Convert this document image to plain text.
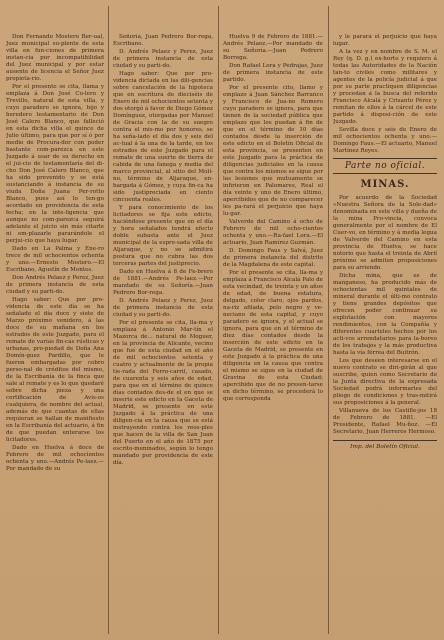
Don Fernando Mostero Ber-ual, Juez municipal su-plente de esta villa en fun-ciones de primera instan-cia por incompatibilidad del Juez municipal y por estar ausente de licencia el Señor Juez propieta-rio.

Por el presente se cita, llama y emplaza á Don José Co-lero y Trevillo, natural de esta villa, y cuyo paradero se ignora, hijo y heredero testamentario de Don José Calero Blanco, que falleció en esta dicha villa el quince de Julio último, para que por sí ó por medio de Procura-dor con poder bastante com-parezca en este Juzgado á usar de su derecho en el jui-cio de testamentaría del di-cho Don José Calero Blanco, que ha sido prevenido y se está sustanciando á instancia de su viuda Doña Juana Per-rotto Blanco, pues así lo ten-go acordado en providencia de esta fecha; en la inte-ligencia que aunque no com-parezca seguirá adelante el juicio sin más citarle ni em-plazarle pararándole el perjui-cio que haya lugar.

Dado en La Palma y Ene-ro trece de mil ochocientos ochenta y uno.—Ernesto Mostero.—El Escribano, Agustín de Montes.

Don Andrés Pelaez y Perez, Juez de primera instancia de esta ciudad y su parti-do.

Hago saber: Que por pro-videncia de este día se ha señalado el día doce y siete de Marzo próximo venidero, á las doce de su mañana en los estrados de este Juzgado, para el remate de varias fin-cas rústicas y urbanas, pro-piedad de Doña Ana Domín-guez Pardillo, que le fueron embargadas por cobro perso-nal de créditos del mismo, de la Escribanía de la finca que sale al remate y es lo que quedaré sobre dicha pieza y una certificación de Avis-os cualquiera, de nombre del actual, además de que cuantas de ellas requieran se hallan de manifiesto en la Escribanía del actuario, á fin de que puedan enterarse los licitadores.

Dado en Huelva á doce de Febrero de mil ochocientos ochenta y uno.—Andrés Pe-laez.—Por mandado de su

Señoría, Juan Pedrero Bor-rega, Escribano.

D. Andrés Pelaez y Perez, Juez de primera instancia de esta ciudad y su parti-do.

Hago saber: Que por pro-videncia dictada en las dili-gencias sobre cancelación de la hipoteca que en escritura de dieciséis de Enero de mil ochocientos setenta y dos otorgó á favor de Diego Gómez Domínguez, otorgadas por Manuel de Gracia con la de su suegro contra el mis-mo por honores, se ha seña-lado el día dos y seis del ac-tual á la una de la tarde, en los estrados de este Juzgado para el remate de una suerte de tierra de cabida de una fanega y media del marco provincial, al sitio del Molí-no, término de Aljaraque, en-bargada á Gómez, y cuya fin-ca ha sido justipreciada en ciento cincuenta reales.

Y para conocimiento de los licitadores se fija este edicto, haciéndose presente que en el día y hora señalados tendrá efecto doble subasta ante el Juez municipal de la espre-sada villa de Aljaraque, y no se admitirá postura que no cubra las dos terceras partes del justiprecio.

Dado en Huelva á 8 de Fe-brero de 1881.—Andrés Pe-laez.—Por mandado de su Señoría.—Juan Pedrero Bor-rega.

D. Andrés Pelaez y Perez, Juez de primera instancia de esta ciudad y su parti-do.

Por el presente se cita, lla-ma y emplaza á Antonio Mar-tín el Mazorca de... natural de Moguer, en la provincia de Alicante, vecino que fué de esta ciudad en el año de mil ochocientos setenta y cuatro y actualmente de la propia tie-rada del Ferro-carril, casado, de cuarenta y seis años de edad, para que en el término de quince días contados des-de el en que se inserte este edicto en la Gaceta de Madrid, se presente en este Juzgado á la práctica de una diligen-cia en la causa que se está instruyendo contra los reos-ples que hacen de la villa de San Juan del Puerto en el año de 1875 por escrito-meninados, según lo tengo mandado por providencia de este día.

Huelva 9 de Febrero de 1881.—Andrés Pelaez.—Por mandado de su Señoría.—Juan Pedrero Borrega.

Don Rafael Lora y Pedrajas, Juez de primera instancia de este partido.

Por el presente cito, llamo y emplazo á Juan Sánchez Barranco y Francisco de Jua-no Romero cuyo paradero se ignora, para que tienen de la sociedad pública que emplazo que los puedan á fin de que en el término de 10 días contados desde la inserción de este edicto en el Boletín Oficial de esta provincia, se presenten en este Juzgado para la práctica de diligencias judiciales en la causa que contra los mismos se sigue por las lesiones que mutuamente se infirieron en Palomares, Real el día veinte y uno de Enero último, apercibidos que de no comparecer les pa-rará el perjuicio que haya lu-gar.

Valverde del Camino á ocho de Febrero de mil ocho-cientos ochenta y uno.—Ra-fael Lora.—El actuario, Juan Ramírez Guzmán.

D. Domingo Faus y Salvá, Juez de primera instancia del distrito de la Magdalena de este capital.

Por el presente se cita, lla-ma y emplaza á Francisco Alcalá Palo de esta vecindad, de treinta y un años de edad, de buena estatura, delgado, color claro, ojos pardos, na-riz afilada, pelo negro y ve-neciano de esta capital, y cuyo paradero se ignora, y el actual se ignora, para que en el término de diez días contados desde la inserción de este edicto en la Gaceta de Madrid, se presente en este Juzgado á la práctica de una diligencia en la causa que contra el mismo se sigue en la ciudad de Gravina de esta Ciudad; apercibido que de no presen-tarse en dicho término, se procederá lo que corresponda

y le parará el perjuicio que haya lugar.

A la vez y en nombre de S. M. el Rey (q. D. g.) ex-horto y requiero á todas las Autoridades de la Nación tan-to civiles como militares y agentes de la policía judicial á que por su parte practiquen diligencias y procedan á la busca del referido Francisco Alcalá y Crisanto Pérez y remitan de ellos á la cárcel de este partido á disposi-ción de este Juzgado.

Sevilla doce y seis de Enero de mil ochocientos ochenta y uno.—Domingo Faus.—El actuario, Manuel Martínez Reyes.

Parte no oficial.
MINAS.

Por acuerdo de la Sociedad «Nuestra Señora de la Sole-dad» denominada en este villa y dueña de la mina Pro-vincia, convoca generalmente por el nombre de El Cuer-vo, en término y á media legua de Valverde del Camino en esta provincia de Huelva, se hace notorio que hasta el treinta de Abril próximo se admiten proposiciones para su arriendo.

Dicha mina, que es de manganeso, ha producido más de ochocientas mil quintales de mineral durante el últi-mo contrato y tiene grandes depósitos que ofrecen poder continuar su explotación con mayores rendimientos, con la Compañía y diferentes cuarteles hechos por los acti-vos arrendatarios para la-boreo de los trabajos y la más productiva hasta la vía férrea del Buitrón.

Los que deseen interesarse en el nuevo contrato se diri-girán al que suscribe, quien como Secretario de la Junta directiva de la expresada Sociedad podrá informarles del pliego de condiciones y tras-mitirá sus proposiciones á la general.

Villanueva de los Castille-jos 18 de Febrero de 1881. —El Presidente, Rafael Mu-ñoz. —El Secretario, Juan Herreros Hermoso.

Imp. del Boletín Oficial.
